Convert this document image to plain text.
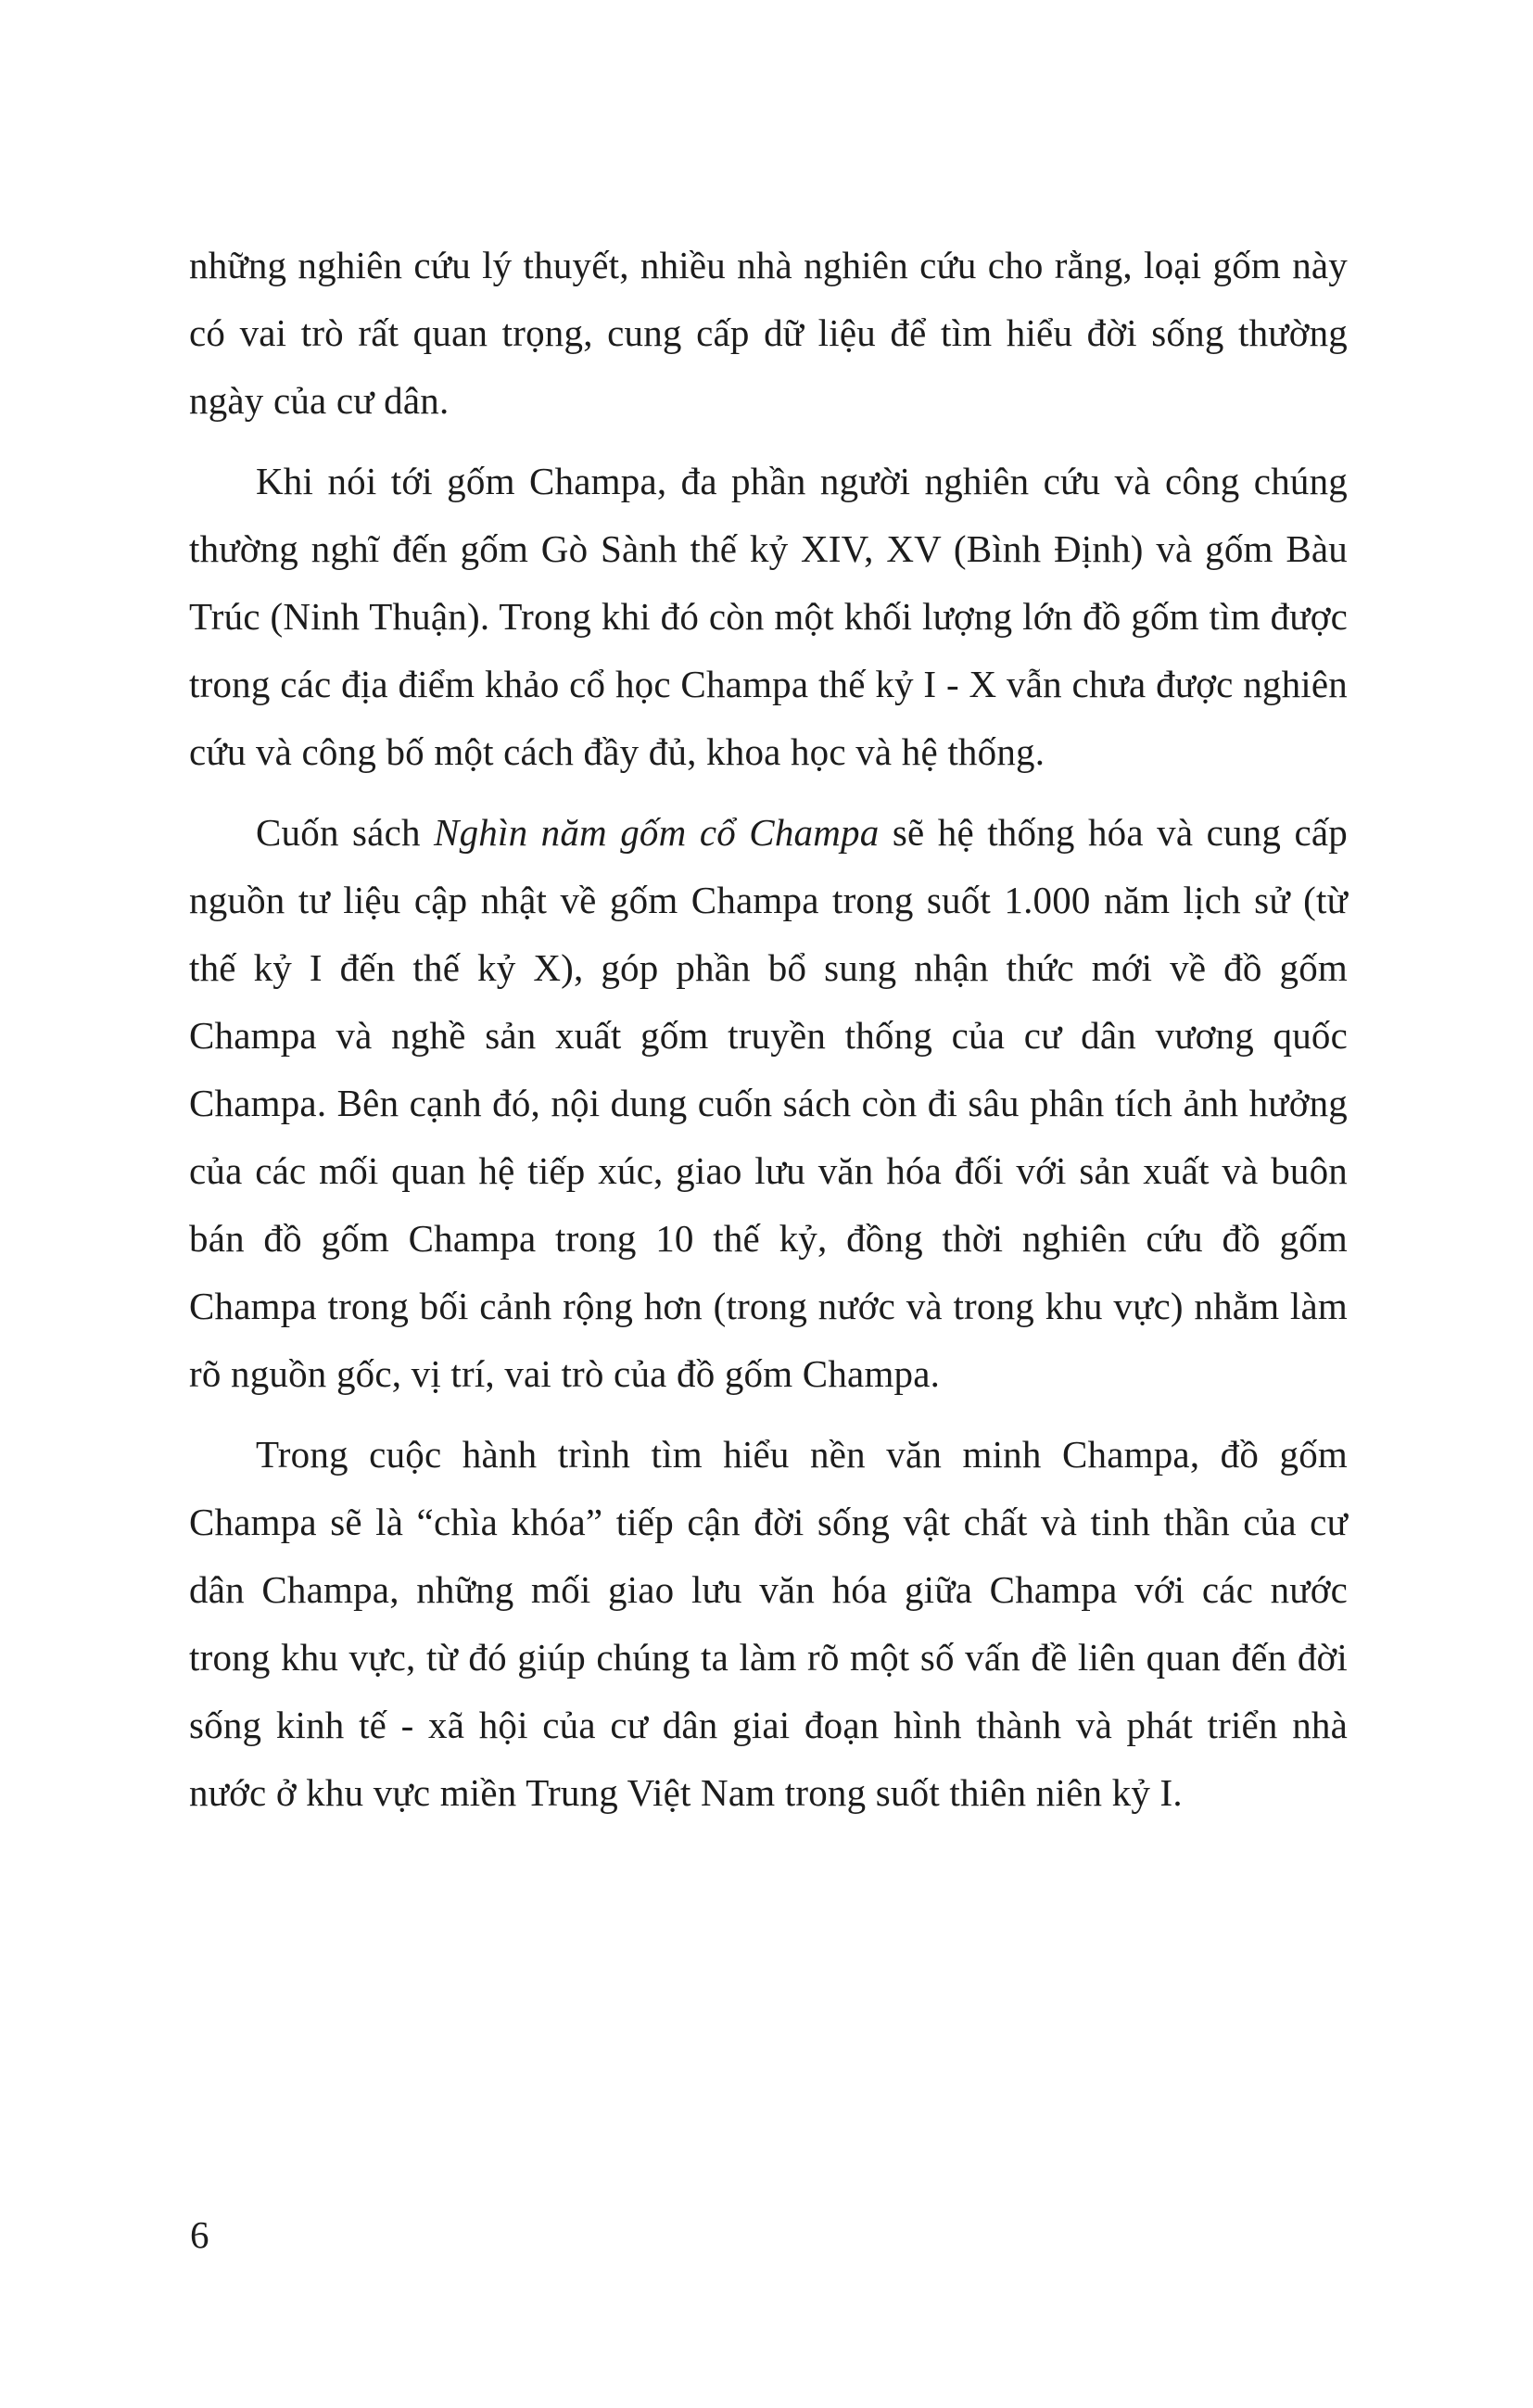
những nghiên cứu lý thuyết, nhiều nhà nghiên cứu cho rằng, loại gốm này có vai trò rất quan trọng, cung cấp dữ liệu để tìm hiểu đời sống thường ngày của cư dân.

Khi nói tới gốm Champa, đa phần người nghiên cứu và công chúng thường nghĩ đến gốm Gò Sành thế kỷ XIV, XV (Bình Định) và gốm Bàu Trúc (Ninh Thuận). Trong khi đó còn một khối lượng lớn đồ gốm tìm được trong các địa điểm khảo cổ học Champa thế kỷ I - X vẫn chưa được nghiên cứu và công bố một cách đầy đủ, khoa học và hệ thống.

Cuốn sách Nghìn năm gốm cổ Champa sẽ hệ thống hóa và cung cấp nguồn tư liệu cập nhật về gốm Champa trong suốt 1.000 năm lịch sử (từ thế kỷ I đến thế kỷ X), góp phần bổ sung nhận thức mới về đồ gốm Champa và nghề sản xuất gốm truyền thống của cư dân vương quốc Champa. Bên cạnh đó, nội dung cuốn sách còn đi sâu phân tích ảnh hưởng của các mối quan hệ tiếp xúc, giao lưu văn hóa đối với sản xuất và buôn bán đồ gốm Champa trong 10 thế kỷ, đồng thời nghiên cứu đồ gốm Champa trong bối cảnh rộng hơn (trong nước và trong khu vực) nhằm làm rõ nguồn gốc, vị trí, vai trò của đồ gốm Champa.

Trong cuộc hành trình tìm hiểu nền văn minh Champa, đồ gốm Champa sẽ là “chìa khóa” tiếp cận đời sống vật chất và tinh thần của cư dân Champa, những mối giao lưu văn hóa giữa Champa với các nước trong khu vực, từ đó giúp chúng ta làm rõ một số vấn đề liên quan đến đời sống kinh tế - xã hội của cư dân giai đoạn hình thành và phát triển nhà nước ở khu vực miền Trung Việt Nam trong suốt thiên niên kỷ I.

6
